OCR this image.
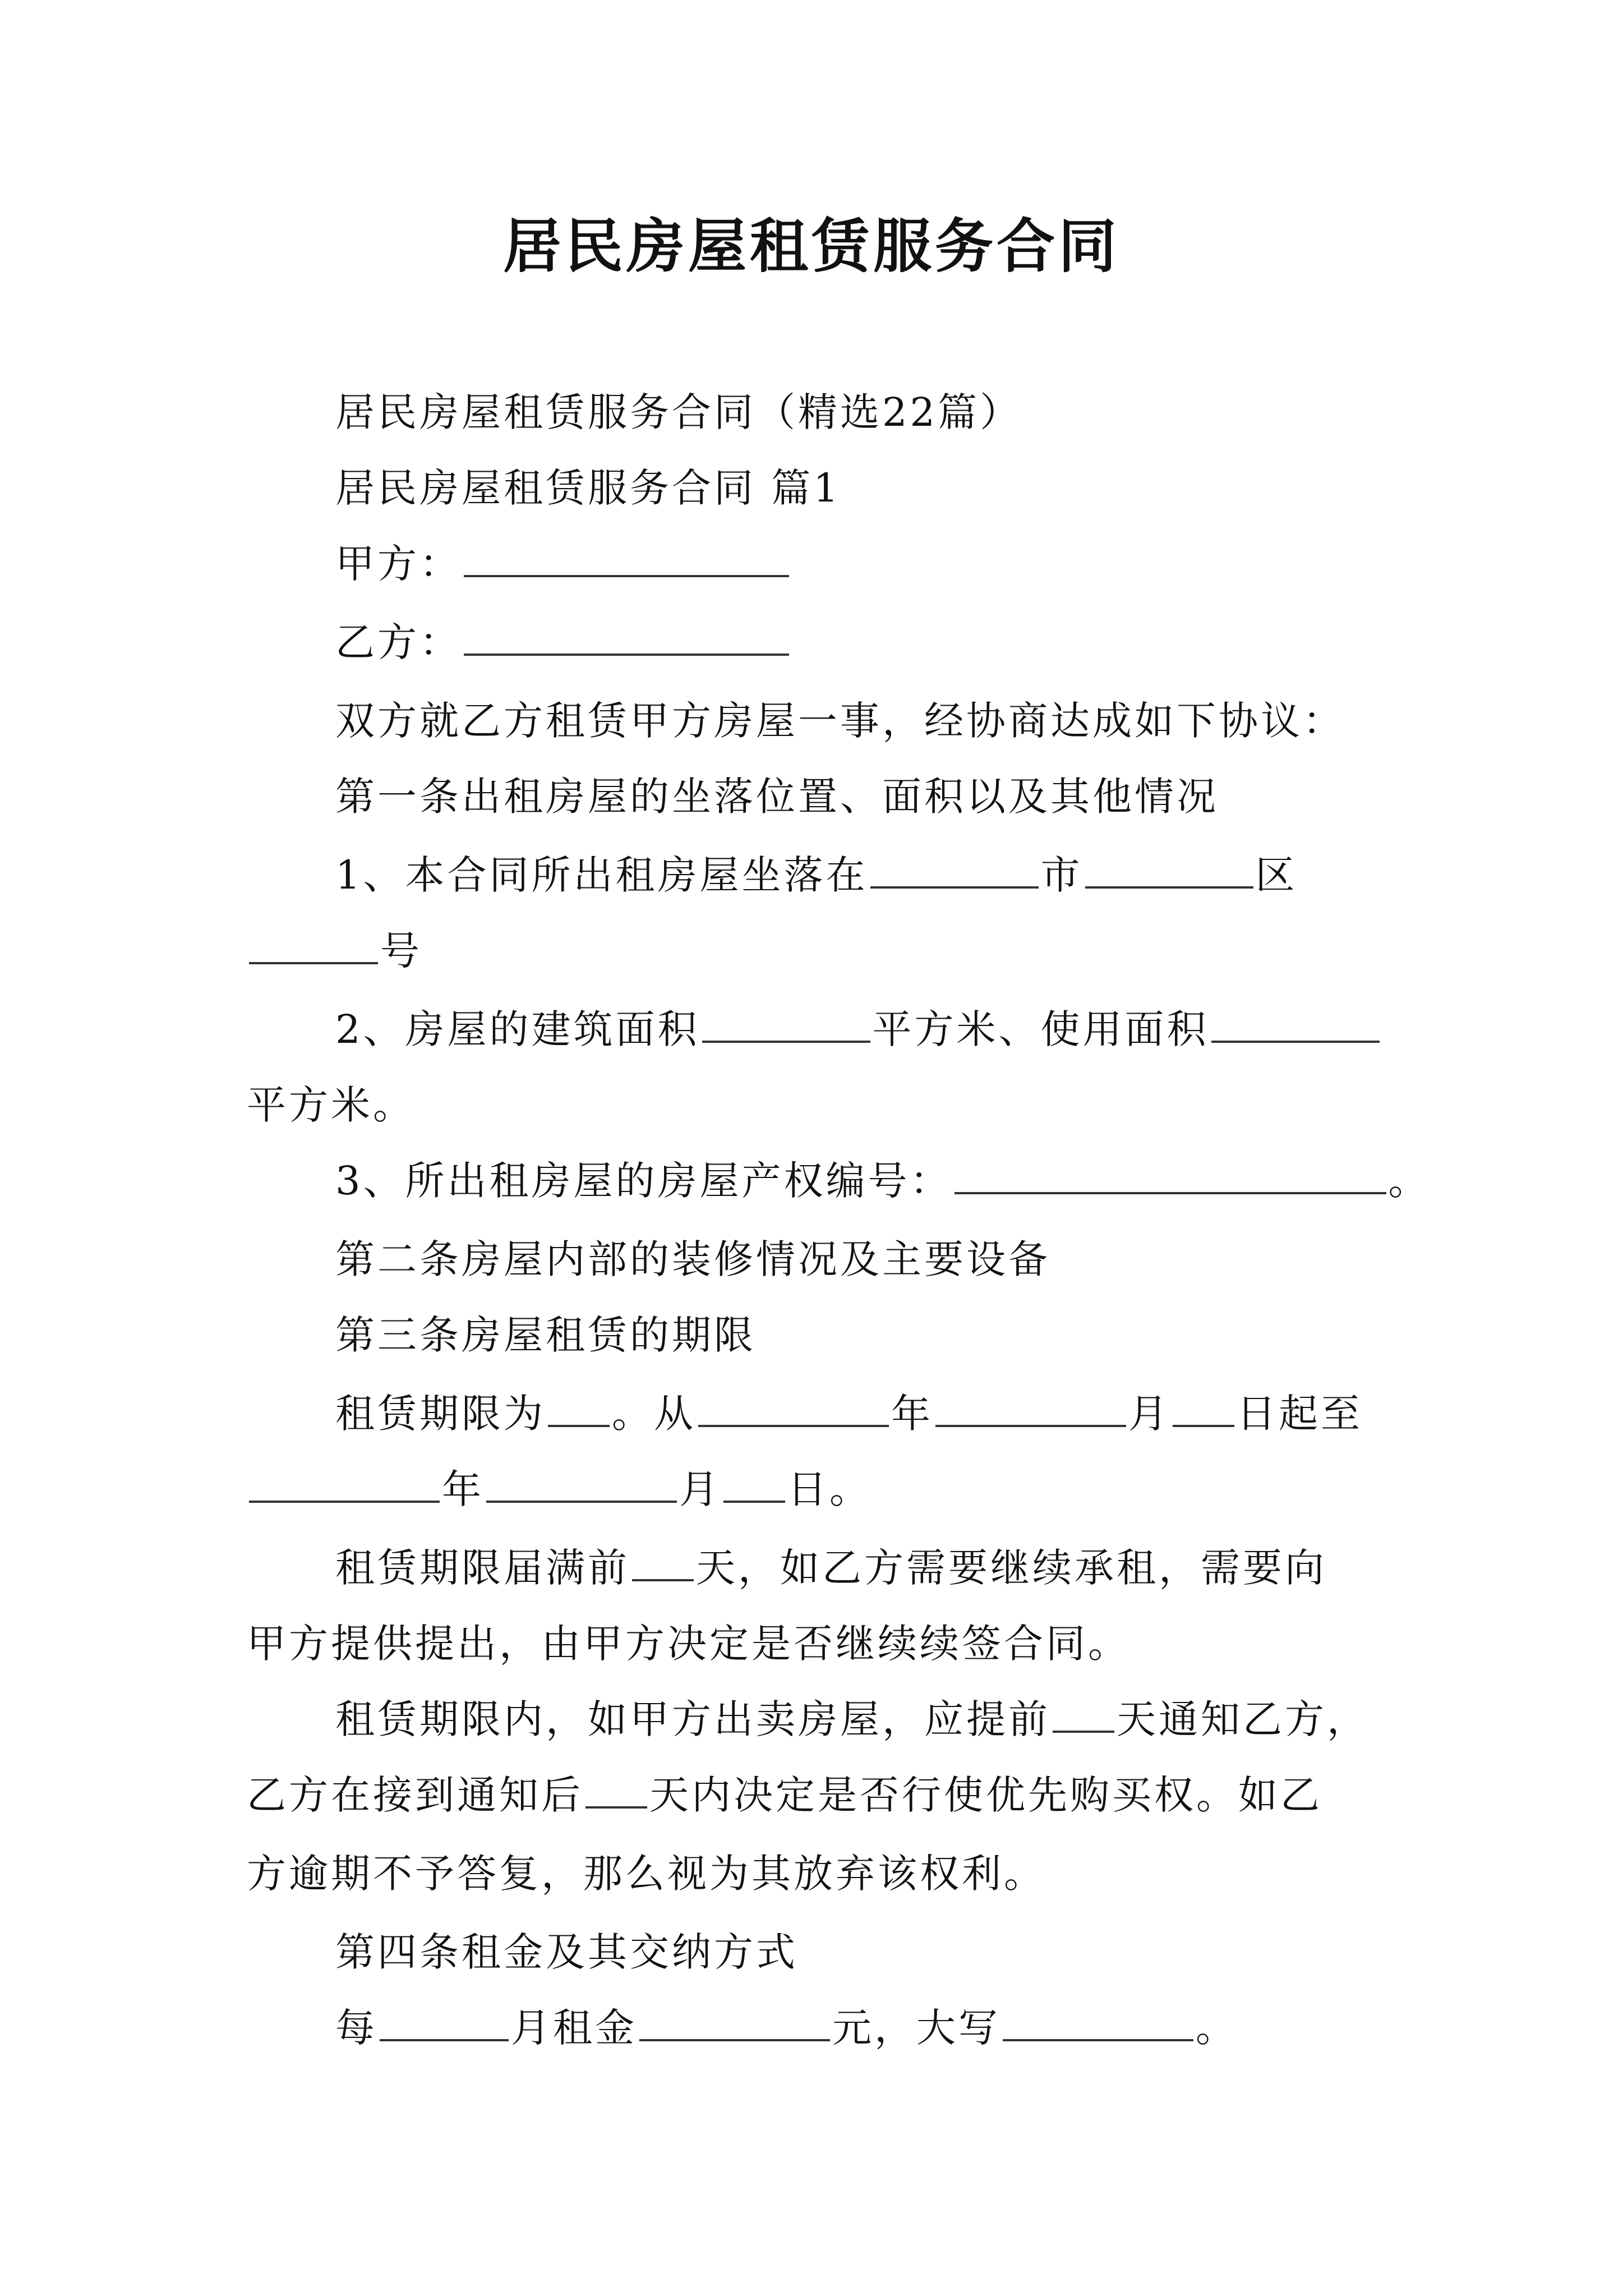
居民房屋租赁服务合同
居民房屋租赁服务合同（精选22篇）
居民房屋租赁服务合同 篇1
甲方：
乙方：
双方就乙方租赁甲方房屋一事，经协商达成如下协议：
第一条出租房屋的坐落位置、面积以及其他情况
1、本合同所出租房屋坐落在	市	区
号
2、房屋的建筑面积	平方米、使用面积
平方米。
3、所出租房屋的房屋产权编号：	。
第二条房屋内部的装修情况及主要设备
第三条房屋租赁的期限
租赁期限为 。从	年	月 日起至
年	月 日。
租赁期限届满前 天，如乙方需要继续承租，需要向
甲方提供提出，由甲方决定是否继续续签合同。
租赁期限内，如甲方出卖房屋，应提前 天通知乙方，
乙方在接到通知后 天内决定是否行使优先购买权。如乙
方逾期不予答复，那么视为其放弃该权利。
第四条租金及其交纳方式
每	月租金	元，大写	。
